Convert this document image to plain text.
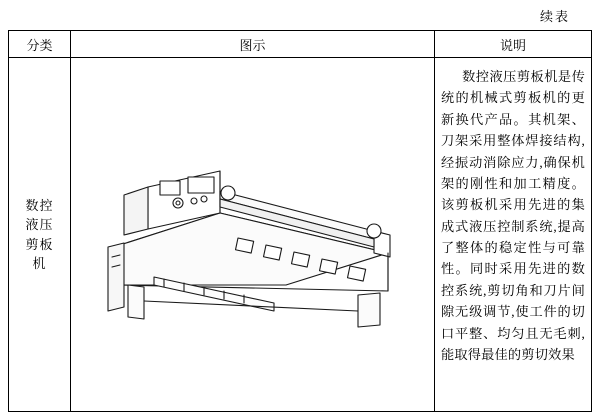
续表
分类	图示	说明
数控液压剪板机
数控液压剪板机是传统的机械式剪板机的更新换代产品。其机架、刀架采用整体焊接结构,经振动消除应力,确保机架的刚性和加工精度。该剪板机采用先进的集成式液压控制系统,提高了整体的稳定性与可靠性。同时采用先进的数控系统,剪切角和刀片间隙无级调节,使工件的切口平整、均匀且无毛刺,能取得最佳的剪切效果
